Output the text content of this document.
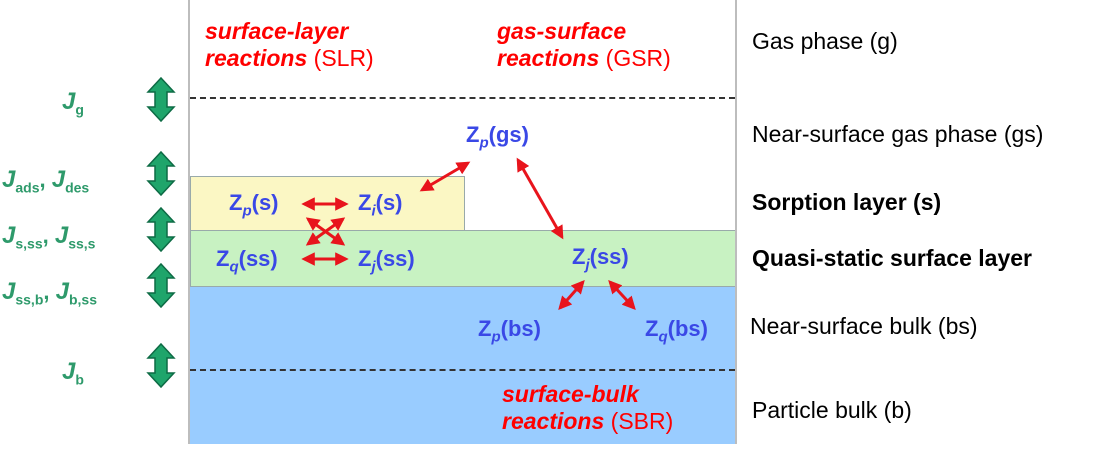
surface-layer
reactions (SLR)
gas-surface
reactions (GSR)
surface-bulk
reactions (SBR)
$Z_p(gs)$
$Z_p(s)$	$Z_i(s)$
$Z_q(ss)$	$Z_j(ss)$	$Z_j(ss)$
$Z_p(bs)$	$Z_q(bs)$
Gas phase (g)
Near-surface gas phase (gs)
Sorption layer (s)
Quasi-static surface layer
Near-surface bulk (bs)
Particle bulk (b)
$J_g$
$J_{ads}$, $J_{des}$
$J_{s,ss}$, $J_{ss,s}$
$J_{ss,b}$, $J_{b,ss}$
$J_b$
